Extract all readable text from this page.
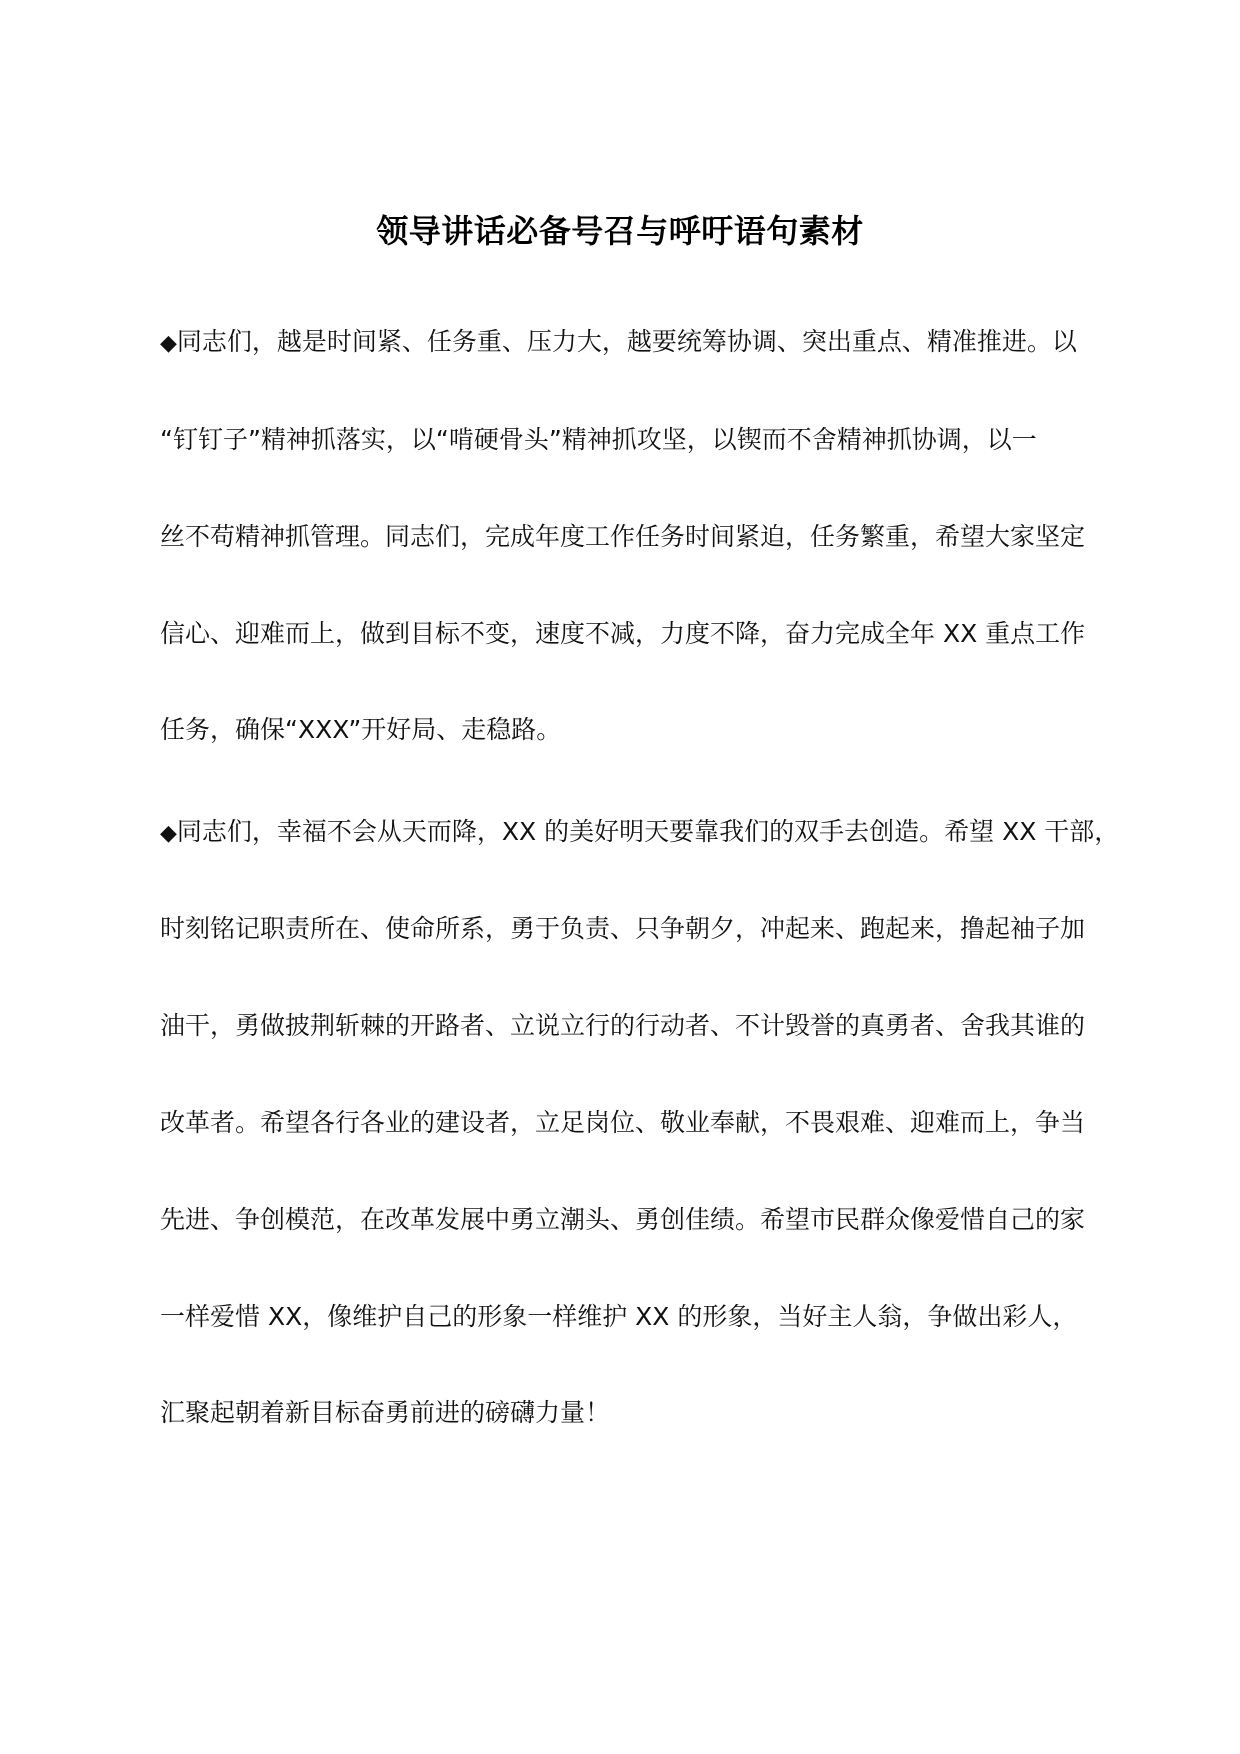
领导讲话必备号召与呼吁语句素材

◆同志们，越是时间紧、任务重、压力大，越要统筹协调、突出重点、精准推进。以

“钉钉子”精神抓落实，以“啃硬骨头”精神抓攻坚，以锲而不舍精神抓协调，以一

丝不苟精神抓管理。同志们，完成年度工作任务时间紧迫，任务繁重，希望大家坚定

信心、迎难而上，做到目标不变，速度不减，力度不降，奋力完成全年 XX 重点工作

任务，确保“XXX”开好局、走稳路。

◆同志们，幸福不会从天而降，XX 的美好明天要靠我们的双手去创造。希望 XX 干部，

时刻铭记职责所在、使命所系，勇于负责、只争朝夕，冲起来、跑起来，撸起袖子加

油干，勇做披荆斩棘的开路者、立说立行的行动者、不计毁誉的真勇者、舍我其谁的

改革者。希望各行各业的建设者，立足岗位、敬业奉献，不畏艰难、迎难而上，争当

先进、争创模范，在改革发展中勇立潮头、勇创佳绩。希望市民群众像爱惜自己的家

一样爱惜 XX，像维护自己的形象一样维护 XX 的形象，当好主人翁，争做出彩人，

汇聚起朝着新目标奋勇前进的磅礴力量！
